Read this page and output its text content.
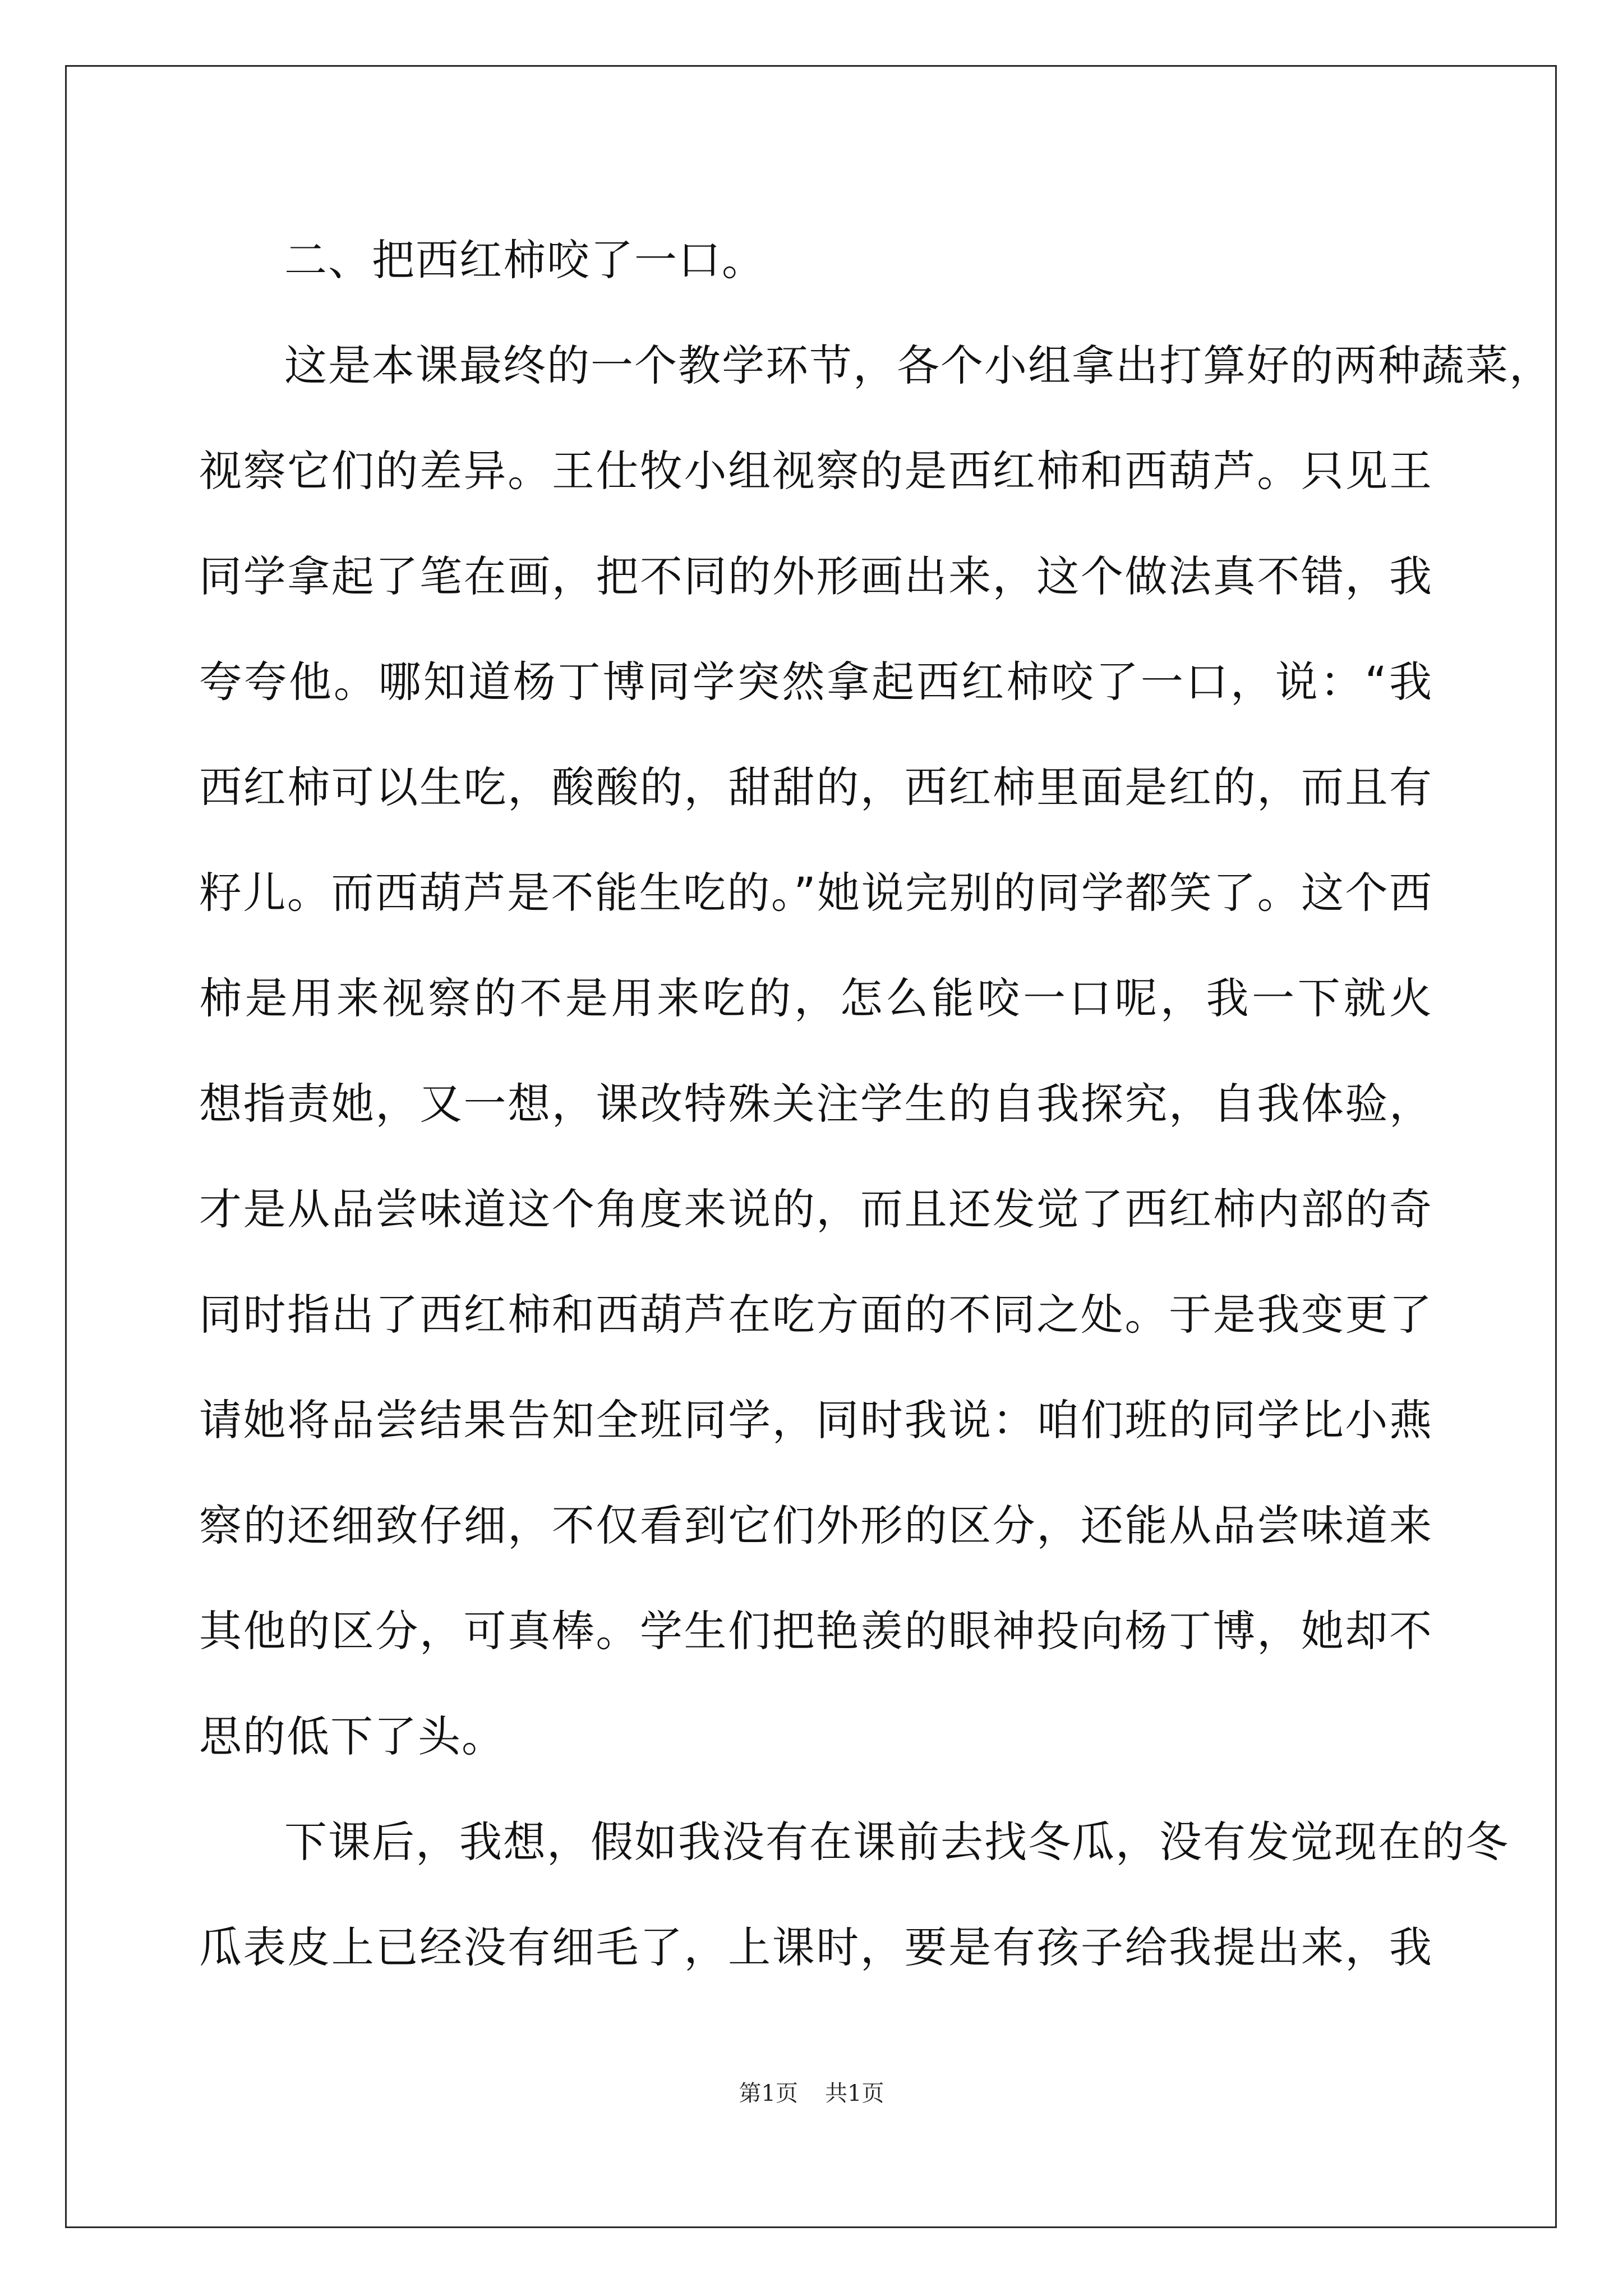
二、把西红柿咬了一口。
这是本课最终的一个教学环节，各个小组拿出打算好的两种蔬菜，
视察它们的差异。王仕牧小组视察的是西红柿和西葫芦。只见王
同学拿起了笔在画，把不同的外形画出来，这个做法真不错，我
夸夸他。哪知道杨丁博同学突然拿起西红柿咬了一口，说：“我
西红柿可以生吃，酸酸的，甜甜的，西红柿里面是红的，而且有
籽儿。而西葫芦是不能生吃的。”她说完别的同学都笑了。这个西
柿是用来视察的不是用来吃的，怎么能咬一口呢，我一下就火
想指责她，又一想，课改特殊关注学生的自我探究，自我体验，
才是从品尝味道这个角度来说的，而且还发觉了西红柿内部的奇
同时指出了西红柿和西葫芦在吃方面的不同之处。于是我变更了
请她将品尝结果告知全班同学，同时我说：咱们班的同学比小燕
察的还细致仔细，不仅看到它们外形的区分，还能从品尝味道来
其他的区分，可真棒。学生们把艳羡的眼神投向杨丁博，她却不
思的低下了头。
下课后，我想，假如我没有在课前去找冬瓜，没有发觉现在的冬
瓜表皮上已经没有细毛了，上课时，要是有孩子给我提出来，我
第1页 共1页
